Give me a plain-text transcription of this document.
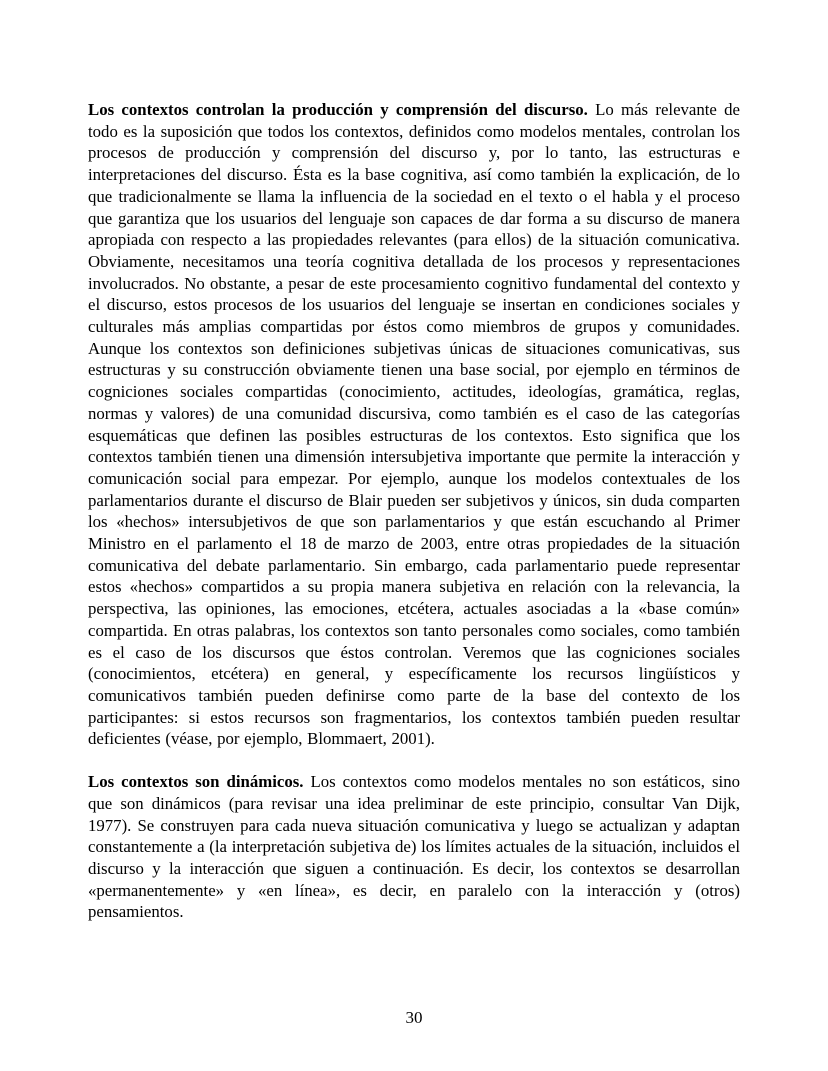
Los contextos controlan la producción y comprensión del discurso. Lo más relevante de todo es la suposición que todos los contextos, definidos como modelos mentales, controlan los procesos de producción y comprensión del discurso y, por lo tanto, las estructuras e interpretaciones del discurso. Ésta es la base cognitiva, así como también la explicación, de lo que tradicionalmente se llama la influencia de la sociedad en el texto o el habla y el proceso que garantiza que los usuarios del lenguaje son capaces de dar forma a su discurso de manera apropiada con respecto a las propiedades relevantes (para ellos) de la situación comunicativa. Obviamente, necesitamos una teoría cognitiva detallada de los procesos y representaciones involucrados. No obstante, a pesar de este procesamiento cognitivo fundamental del contexto y el discurso, estos procesos de los usuarios del lenguaje se insertan en condiciones sociales y culturales más amplias compartidas por éstos como miembros de grupos y comunidades. Aunque los contextos son definiciones subjetivas únicas de situaciones comunicativas, sus estructuras y su construcción obviamente tienen una base social, por ejemplo en términos de cogniciones sociales compartidas (conocimiento, actitudes, ideologías, gramática, reglas, normas y valores) de una comunidad discursiva, como también es el caso de las categorías esquemáticas que definen las posibles estructuras de los contextos. Esto significa que los contextos también tienen una dimensión intersubjetiva importante que permite la interacción y comunicación social para empezar. Por ejemplo, aunque los modelos contextuales de los parlamentarios durante el discurso de Blair pueden ser subjetivos y únicos, sin duda comparten los «hechos» intersubjetivos de que son parlamentarios y que están escuchando al Primer Ministro en el parlamento el 18 de marzo de 2003, entre otras propiedades de la situación comunicativa del debate parlamentario. Sin embargo, cada parlamentario puede representar estos «hechos» compartidos a su propia manera subjetiva en relación con la relevancia, la perspectiva, las opiniones, las emociones, etcétera, actuales asociadas a la «base común» compartida. En otras palabras, los contextos son tanto personales como sociales, como también es el caso de los discursos que éstos controlan. Veremos que las cogniciones sociales (conocimientos, etcétera) en general, y específicamente los recursos lingüísticos y comunicativos también pueden definirse como parte de la base del contexto de los participantes: si estos recursos son fragmentarios, los contextos también pueden resultar deficientes (véase, por ejemplo, Blommaert, 2001).

Los contextos son dinámicos. Los contextos como modelos mentales no son estáticos, sino que son dinámicos (para revisar una idea preliminar de este principio, consultar Van Dijk, 1977). Se construyen para cada nueva situación comunicativa y luego se actualizan y adaptan constantemente a (la interpretación subjetiva de) los límites actuales de la situación, incluidos el discurso y la interacción que siguen a continuación. Es decir, los contextos se desarrollan «permanentemente» y «en línea», es decir, en paralelo con la interacción y (otros) pensamientos.

30
